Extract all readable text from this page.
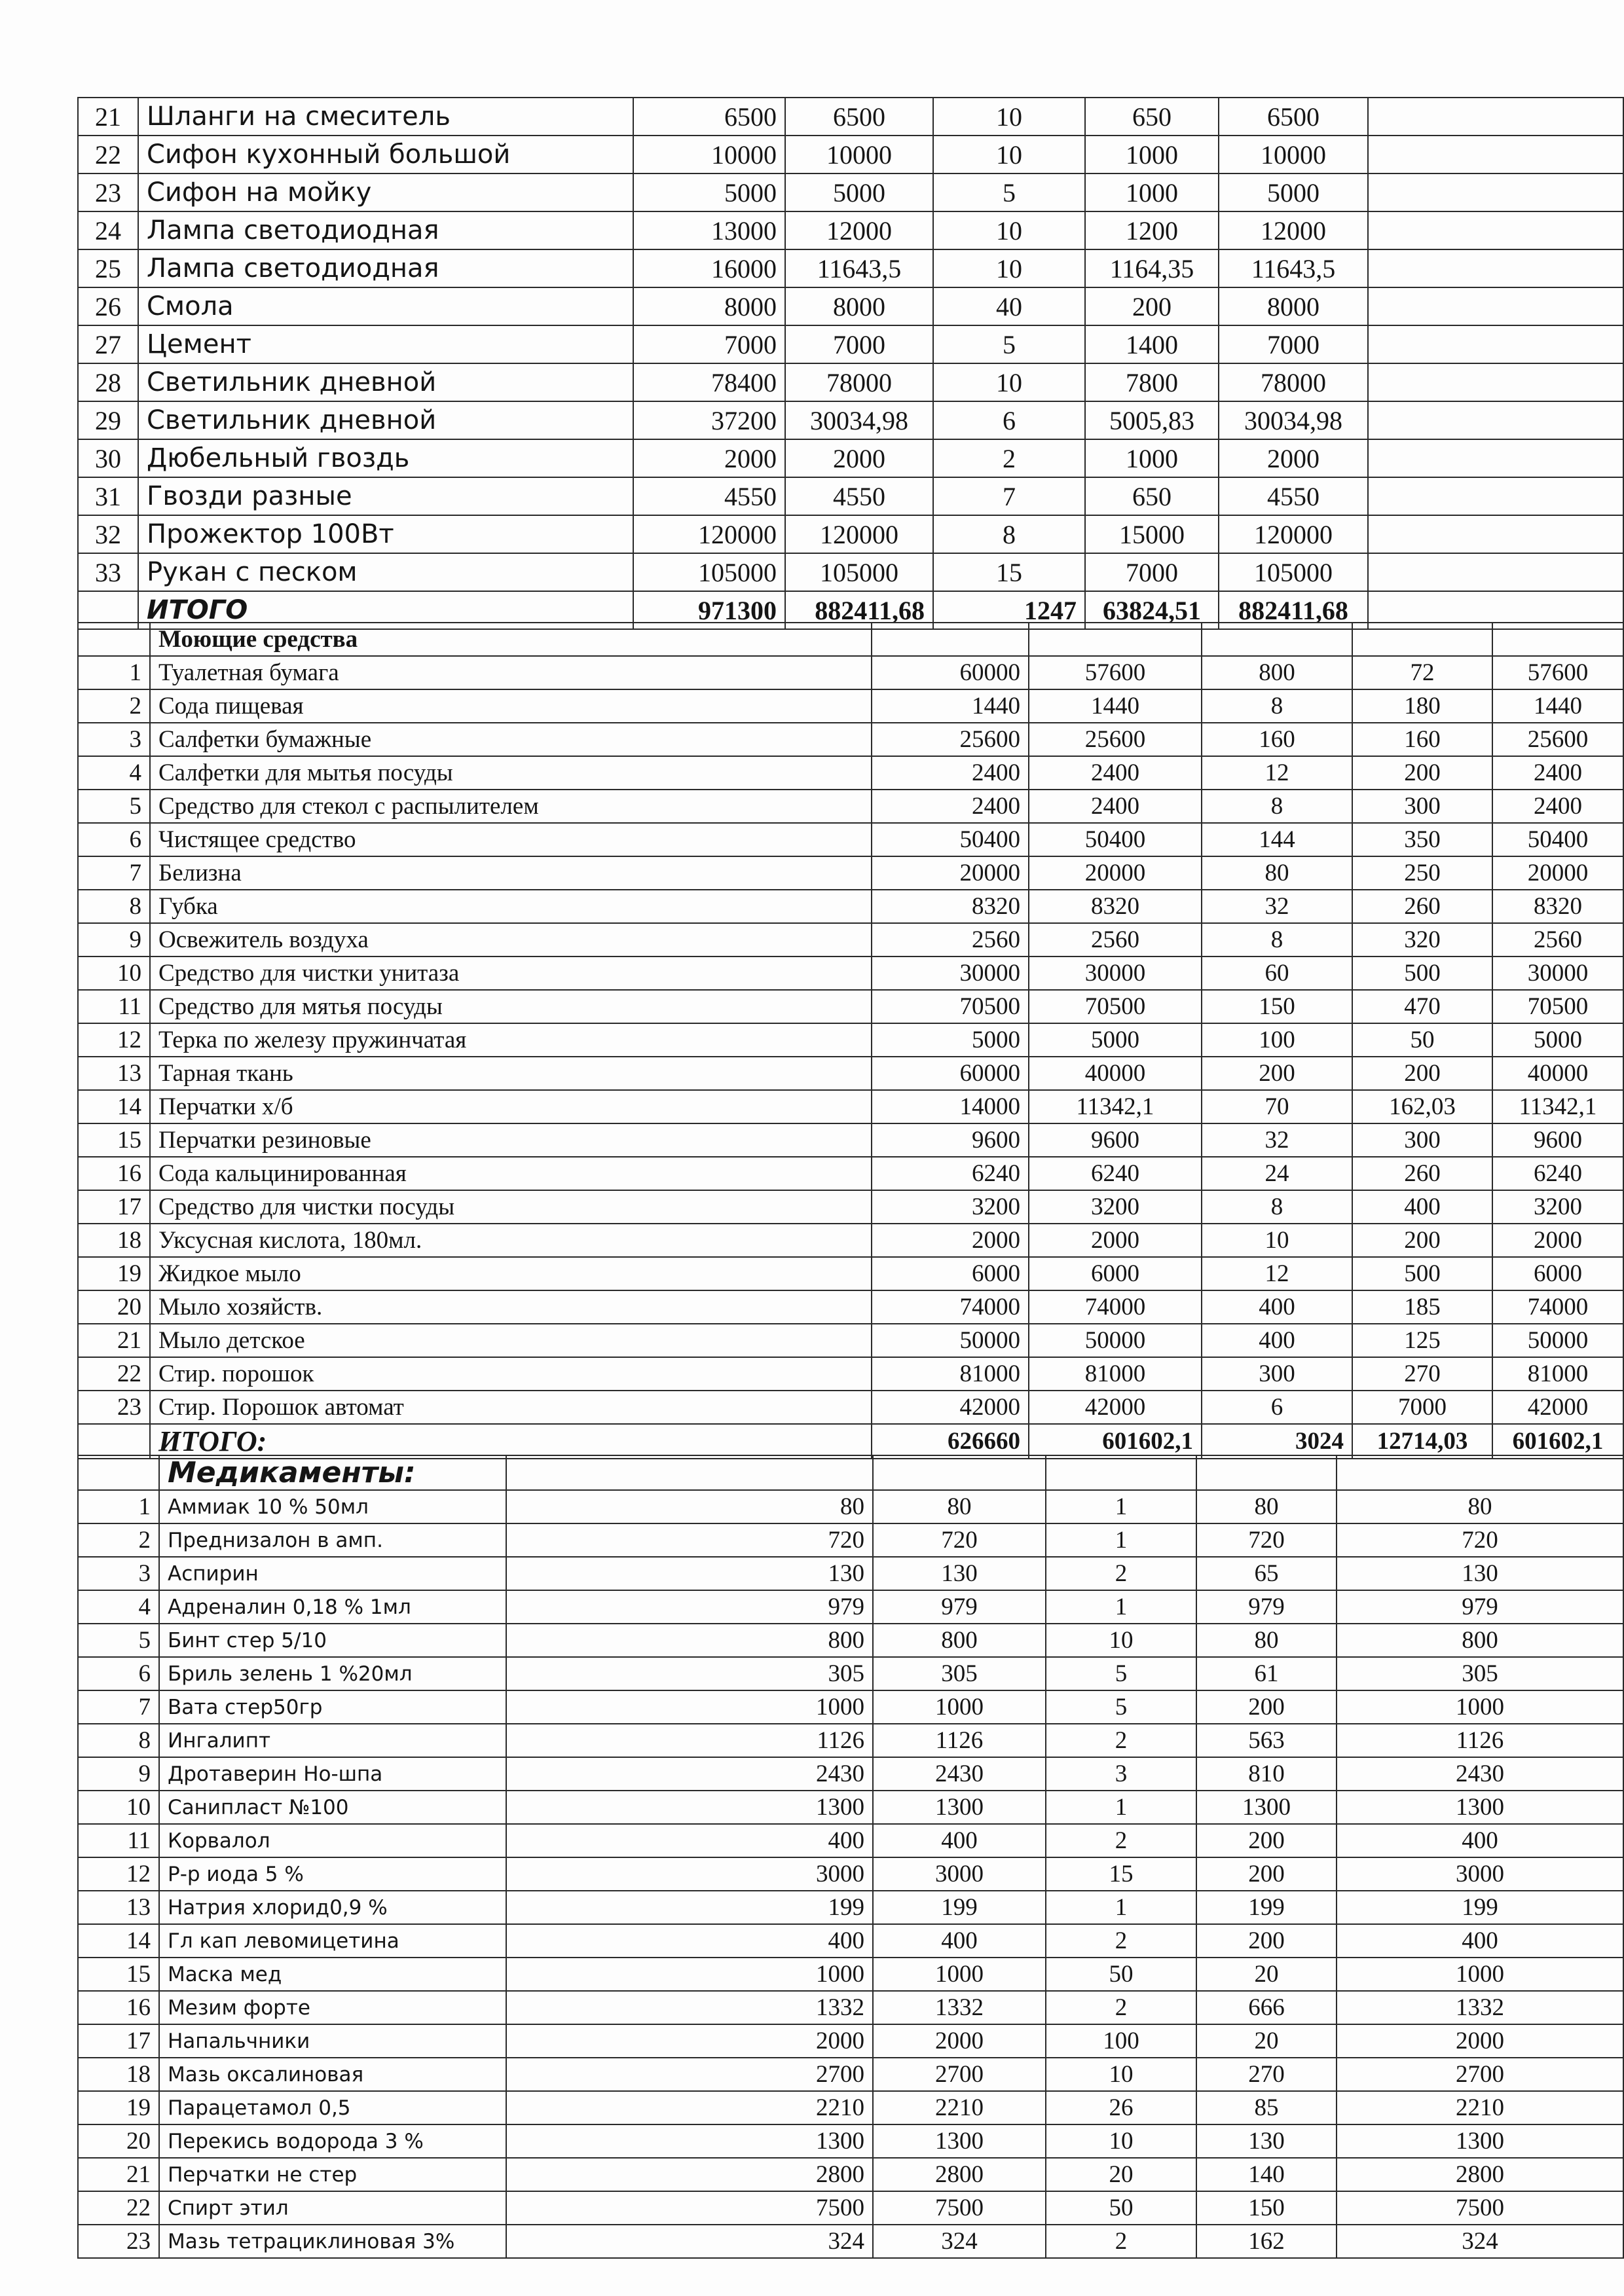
21	Шланги на смеситель	6500	6500	10	650	6500	
22	Сифон кухонный большой	10000	10000	10	1000	10000	
23	Сифон на мойку	5000	5000	5	1000	5000	
24	Лампа светодиодная	13000	12000	10	1200	12000	
25	Лампа светодиодная	16000	11643,5	10	1164,35	11643,5	
26	Смола	8000	8000	40	200	8000	
27	Цемент	7000	7000	5	1400	7000	
28	Светильник дневной	78400	78000	10	7800	78000	
29	Светильник дневной	37200	30034,98	6	5005,83	30034,98	
30	Дюбельный гвоздь	2000	2000	2	1000	2000	
31	Гвозди разные	4550	4550	7	650	4550	
32	Прожектор 100Вт	120000	120000	8	15000	120000	
33	Рукан с песком	105000	105000	15	7000	105000	
	ИТОГО	971300	882411,68	1247	63824,51	882411,68	
	Моющие средства					
1	Туалетная бумага	60000	57600	800	72	57600
2	Сода пищевая	1440	1440	8	180	1440
3	Салфетки бумажные	25600	25600	160	160	25600
4	Салфетки для мытья посуды	2400	2400	12	200	2400
5	Средство для стекол с распылителем	2400	2400	8	300	2400
6	Чистящее средство	50400	50400	144	350	50400
7	Белизна	20000	20000	80	250	20000
8	Губка	8320	8320	32	260	8320
9	Освежитель воздуха	2560	2560	8	320	2560
10	Средство для чистки унитаза	30000	30000	60	500	30000
11	Средство для мятья посуды	70500	70500	150	470	70500
12	Терка по железу пружинчатая	5000	5000	100	50	5000
13	Тарная ткань	60000	40000	200	200	40000
14	Перчатки х/б	14000	11342,1	70	162,03	11342,1
15	Перчатки резиновые	9600	9600	32	300	9600
16	Сода кальцинированная	6240	6240	24	260	6240
17	Средство для чистки посуды	3200	3200	8	400	3200
18	Уксусная кислота, 180мл.	2000	2000	10	200	2000
19	Жидкое мыло	6000	6000	12	500	6000
20	Мыло хозяйств.	74000	74000	400	185	74000
21	Мыло детское	50000	50000	400	125	50000
22	Стир. порошок	81000	81000	300	270	81000
23	Стир. Порошок автомат	42000	42000	6	7000	42000
	ИТОГО:	626660	601602,1	3024	12714,03	601602,1
	Медикаменты:					
1	Аммиак 10 % 50мл	80	80	1	80	80
2	Преднизалон в амп.	720	720	1	720	720
3	Аспирин	130	130	2	65	130
4	Адреналин 0,18 % 1мл	979	979	1	979	979
5	Бинт стер 5/10	800	800	10	80	800
6	Бриль зелень 1 %20мл	305	305	5	61	305
7	Вата стер50гр	1000	1000	5	200	1000
8	Ингалипт	1126	1126	2	563	1126
9	Дротаверин Но-шпа	2430	2430	3	810	2430
10	Санипласт №100	1300	1300	1	1300	1300
11	Корвалол	400	400	2	200	400
12	Р-р иода 5 %	3000	3000	15	200	3000
13	Натрия хлорид0,9 %	199	199	1	199	199
14	Гл кап левомицетина	400	400	2	200	400
15	Маска мед	1000	1000	50	20	1000
16	Мезим форте	1332	1332	2	666	1332
17	Напальчники	2000	2000	100	20	2000
18	Мазь оксалиновая	2700	2700	10	270	2700
19	Парацетамол 0,5	2210	2210	26	85	2210
20	Перекись водорода 3 %	1300	1300	10	130	1300
21	Перчатки не стер	2800	2800	20	140	2800
22	Спирт этил	7500	7500	50	150	7500
23	Мазь тетрациклиновая 3%	324	324	2	162	324
